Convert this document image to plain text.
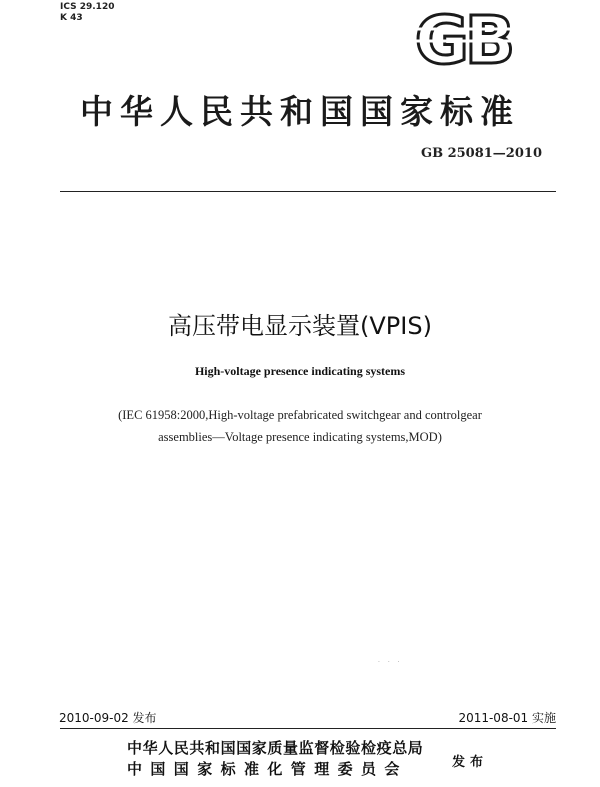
ICS 29.120
K 43	GB
中华人民共和国国家标准
GB 25081—2010
高压带电显示装置(VPIS)
High-voltage presence indicating systems
(IEC 61958:2000,High-voltage prefabricated switchgear and controlgear
assemblies—Voltage presence indicating systems,MOD)
· · ·
2010-09-02 发布	2011-08-01 实施
中华人民共和国国家质量监督检验检疫总局
中国国家标准化管理委员会	发布
